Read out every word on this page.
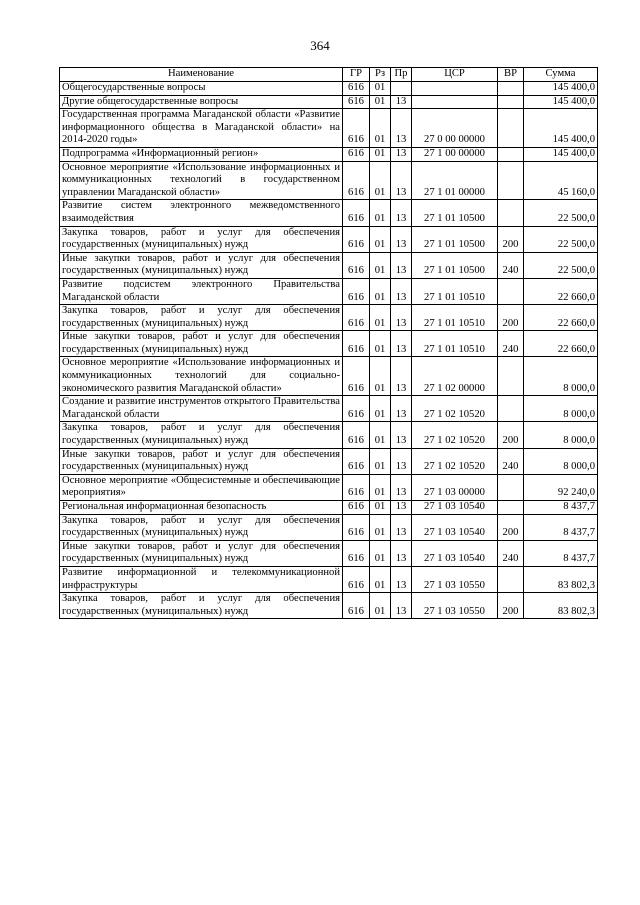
364
Наименование	ГР	Рз	Пр	ЦСР	ВР	Сумма
Общегосударственные вопросы	616	01				145 400,0
Другие общегосударственные вопросы	616	01	13			145 400,0
Государственная программа Магаданской области «Развитие информационного общества в Магаданской области» на 2014-2020 годы»	616	01	13	27 0 00 00000		145 400,0
Подпрограмма «Информационный регион»	616	01	13	27 1 00 00000		145 400,0
Основное мероприятие «Использование информационных и коммуникационных технологий в государственном управлении Магаданской области»	616	01	13	27 1 01 00000		45 160,0
Развитие систем электронного межведомственного взаимодействия	616	01	13	27 1 01 10500		22 500,0
Закупка товаров, работ и услуг для обеспечения государственных (муниципальных) нужд	616	01	13	27 1 01 10500	200	22 500,0
Иные закупки товаров, работ и услуг для обеспечения государственных (муниципальных) нужд	616	01	13	27 1 01 10500	240	22 500,0
Развитие подсистем электронного Правительства Магаданской области	616	01	13	27 1 01 10510		22 660,0
Закупка товаров, работ и услуг для обеспечения государственных (муниципальных) нужд	616	01	13	27 1 01 10510	200	22 660,0
Иные закупки товаров, работ и услуг для обеспечения государственных (муниципальных) нужд	616	01	13	27 1 01 10510	240	22 660,0
Основное мероприятие «Использование информационных и коммуникационных технологий для социально-экономического развития Магаданской области»	616	01	13	27 1 02 00000		8 000,0
Создание и развитие инструментов открытого Правительства Магаданской области	616	01	13	27 1 02 10520		8 000,0
Закупка товаров, работ и услуг для обеспечения государственных (муниципальных) нужд	616	01	13	27 1 02 10520	200	8 000,0
Иные закупки товаров, работ и услуг для обеспечения государственных (муниципальных) нужд	616	01	13	27 1 02 10520	240	8 000,0
Основное мероприятие «Общесистемные и обеспечивающие мероприятия»	616	01	13	27 1 03 00000		92 240,0
Региональная информационная безопасность	616	01	13	27 1 03 10540		8 437,7
Закупка товаров, работ и услуг для обеспечения государственных (муниципальных) нужд	616	01	13	27 1 03 10540	200	8 437,7
Иные закупки товаров, работ и услуг для обеспечения государственных (муниципальных) нужд	616	01	13	27 1 03 10540	240	8 437,7
Развитие информационной и телекоммуникационной инфраструктуры	616	01	13	27 1 03 10550		83 802,3
Закупка товаров, работ и услуг для обеспечения государственных (муниципальных) нужд	616	01	13	27 1 03 10550	200	83 802,3
